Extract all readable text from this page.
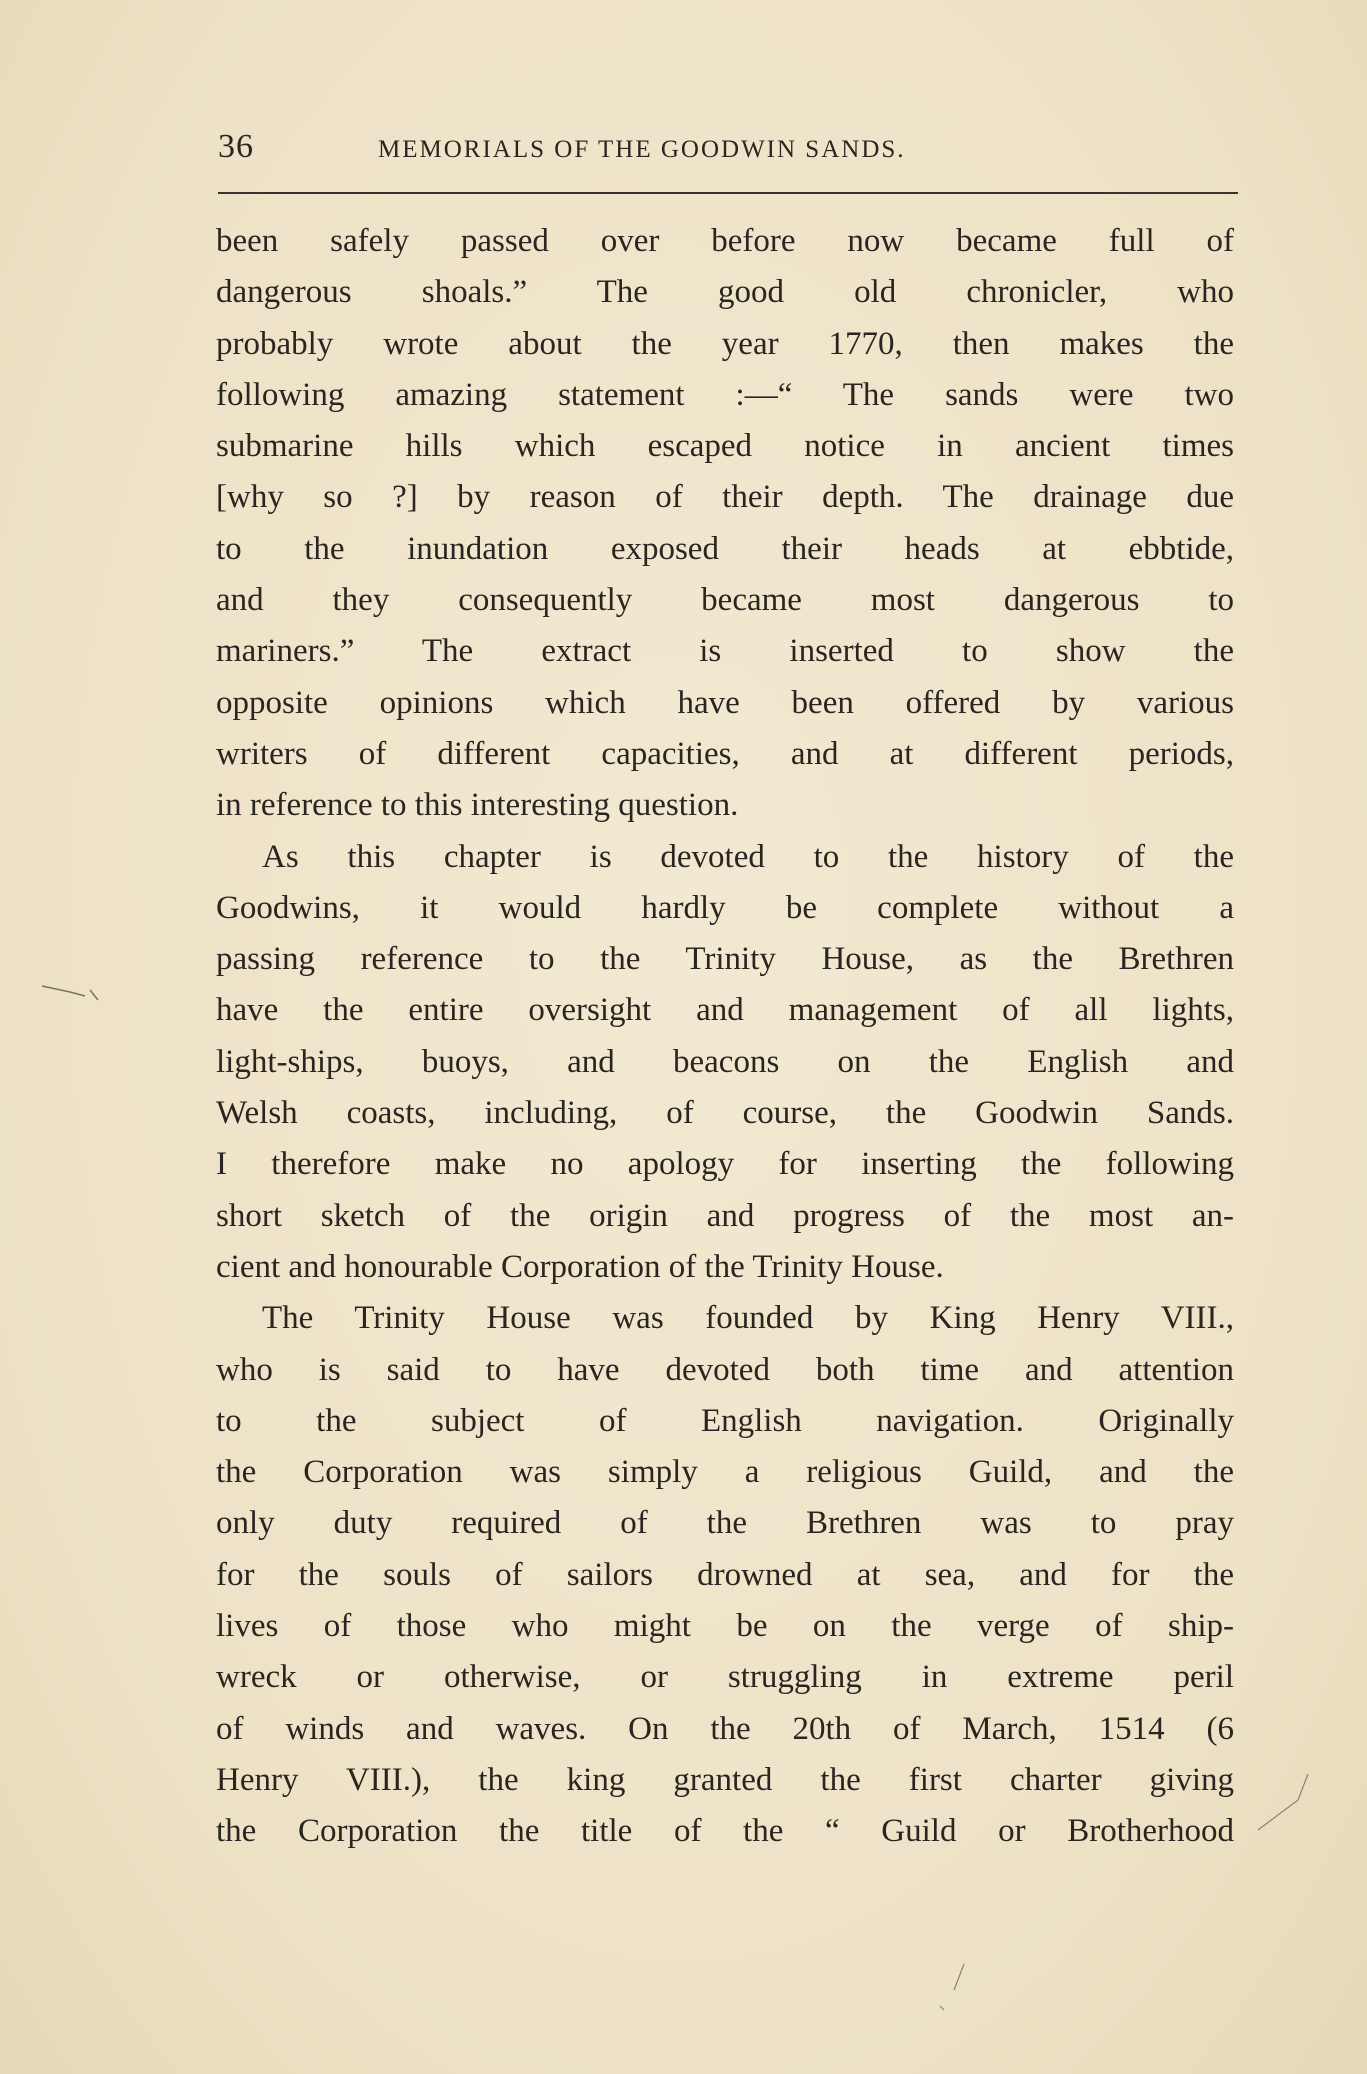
36	MEMORIALS OF THE GOODWIN SANDS.
been safely passed over before now became full of
dangerous shoals.” The good old chronicler, who
probably wrote about the year 1770, then makes the
following amazing statement :—“ The sands were two
submarine hills which escaped notice in ancient times
[why so ?] by reason of their depth. The drainage due
to the inundation exposed their heads at ebbtide,
and they consequently became most dangerous to
mariners.” The extract is inserted to show the
opposite opinions which have been offered by various
writers of different capacities, and at different periods,
in reference to this interesting question.
As this chapter is devoted to the history of the
Goodwins, it would hardly be complete without a
passing reference to the Trinity House, as the Brethren
have the entire oversight and management of all lights,
light-ships, buoys, and beacons on the English and
Welsh coasts, including, of course, the Goodwin Sands.
I therefore make no apology for inserting the following
short sketch of the origin and progress of the most an-
cient and honourable Corporation of the Trinity House.
The Trinity House was founded by King Henry VIII.,
who is said to have devoted both time and attention
to the subject of English navigation. Originally
the Corporation was simply a religious Guild, and the
only duty required of the Brethren was to pray
for the souls of sailors drowned at sea, and for the
lives of those who might be on the verge of ship-
wreck or otherwise, or struggling in extreme peril
of winds and waves. On the 20th of March, 1514 (6
Henry VIII.), the king granted the first charter giving
the Corporation the title of the “ Guild or Brotherhood
